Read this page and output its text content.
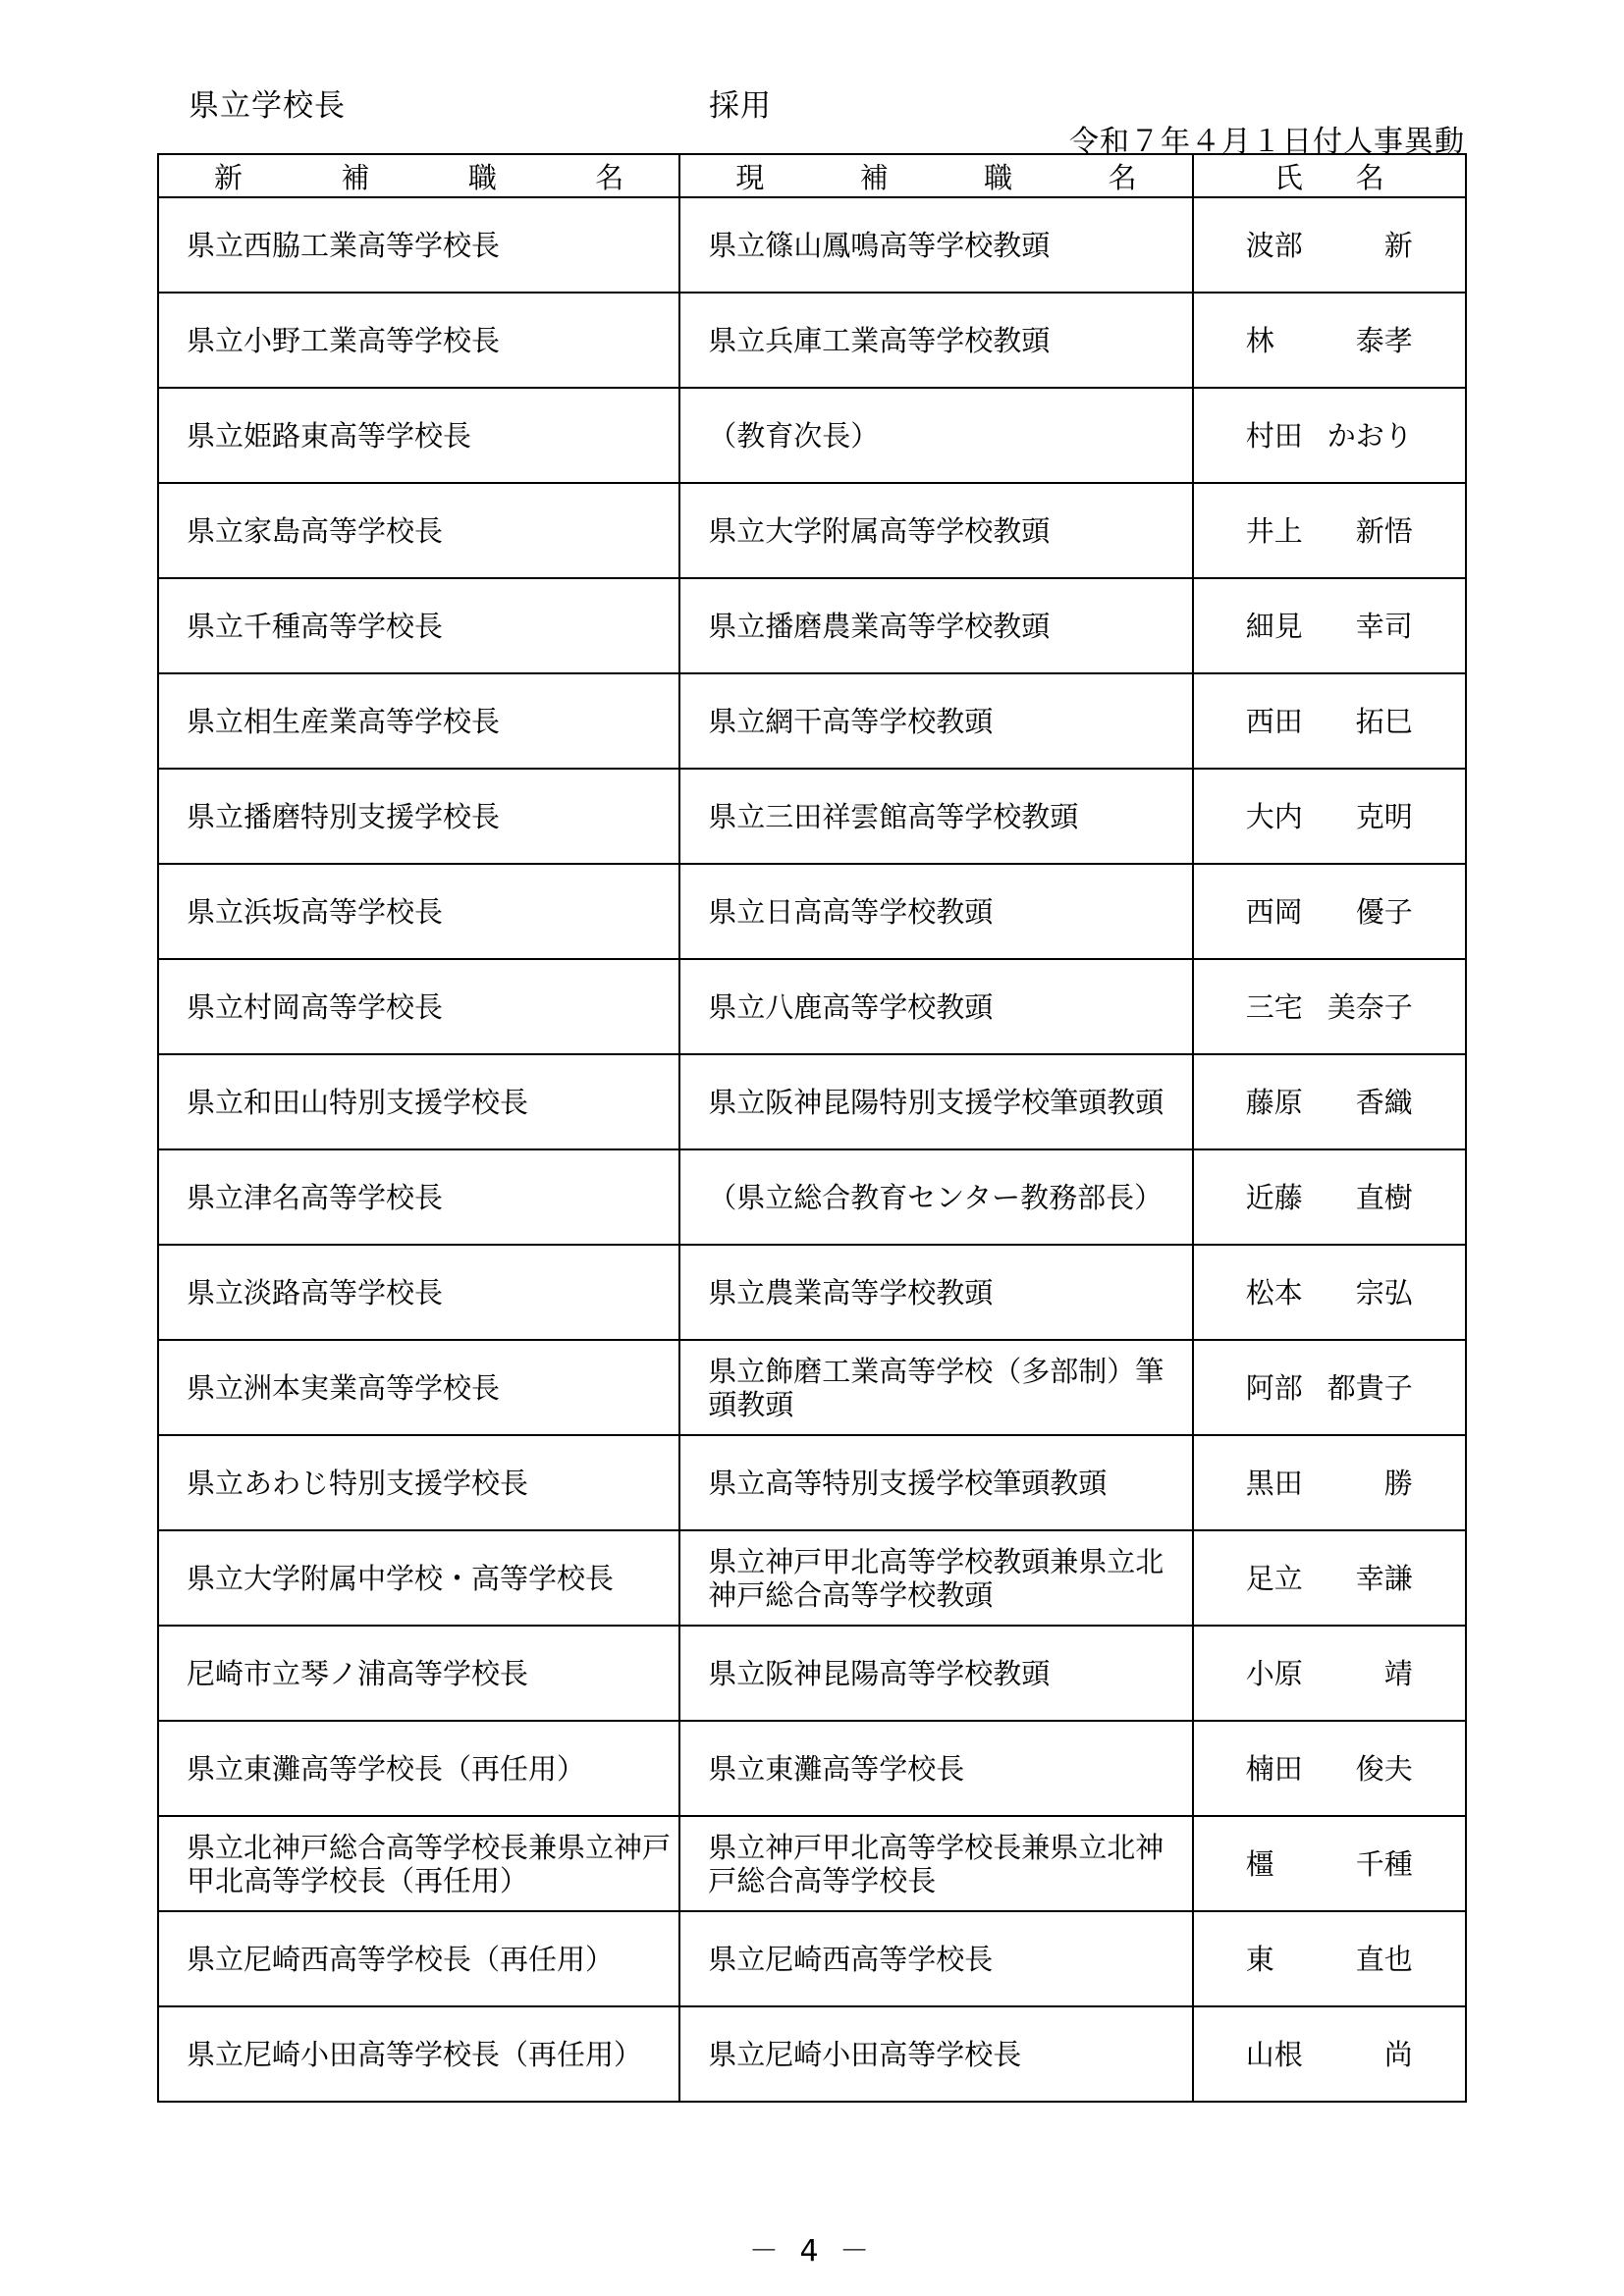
県立学校長	採用
令和７年４月１日付人事異動
新 補 職 名	現 補 職 名	氏 名

県立西脇工業高等学校長	県立篠山鳳鳴高等学校教頭	波部 新

県立小野工業高等学校長	県立兵庫工業高等学校教頭	林 泰孝

県立姫路東高等学校長	（教育次長）	村田 かおり

県立家島高等学校長	県立大学附属高等学校教頭	井上 新悟

県立千種高等学校長	県立播磨農業高等学校教頭	細見 幸司

県立相生産業高等学校長	県立網干高等学校教頭	西田 拓巳

県立播磨特別支援学校長	県立三田祥雲館高等学校教頭	大内 克明

県立浜坂高等学校長	県立日高高等学校教頭	西岡 優子

県立村岡高等学校長	県立八鹿高等学校教頭	三宅 美奈子

県立和田山特別支援学校長	県立阪神昆陽特別支援学校筆頭教頭	藤原 香織

県立津名高等学校長	（県立総合教育センター教務部長）	近藤 直樹

県立淡路高等学校長	県立農業高等学校教頭	松本 宗弘

県立洲本実業高等学校長	県立飾磨工業高等学校（多部制）筆頭教頭	阿部 都貴子

県立あわじ特別支援学校長	県立高等特別支援学校筆頭教頭	黒田 勝

県立大学附属中学校・高等学校長	県立神戸甲北高等学校教頭兼県立北神戸総合高等学校教頭	足立 幸謙

尼崎市立琴ノ浦高等学校長	県立阪神昆陽高等学校教頭	小原 靖

県立東灘高等学校長（再任用）	県立東灘高等学校長	楠田 俊夫

県立北神戸総合高等学校長兼県立神戸甲北高等学校長（再任用）	県立神戸甲北高等学校長兼県立北神戸総合高等学校長	橿 千種

県立尼崎西高等学校長（再任用）	県立尼崎西高等学校長	東 直也

県立尼崎小田高等学校長（再任用）	県立尼崎小田高等学校長	山根 尚
－ 4 －
